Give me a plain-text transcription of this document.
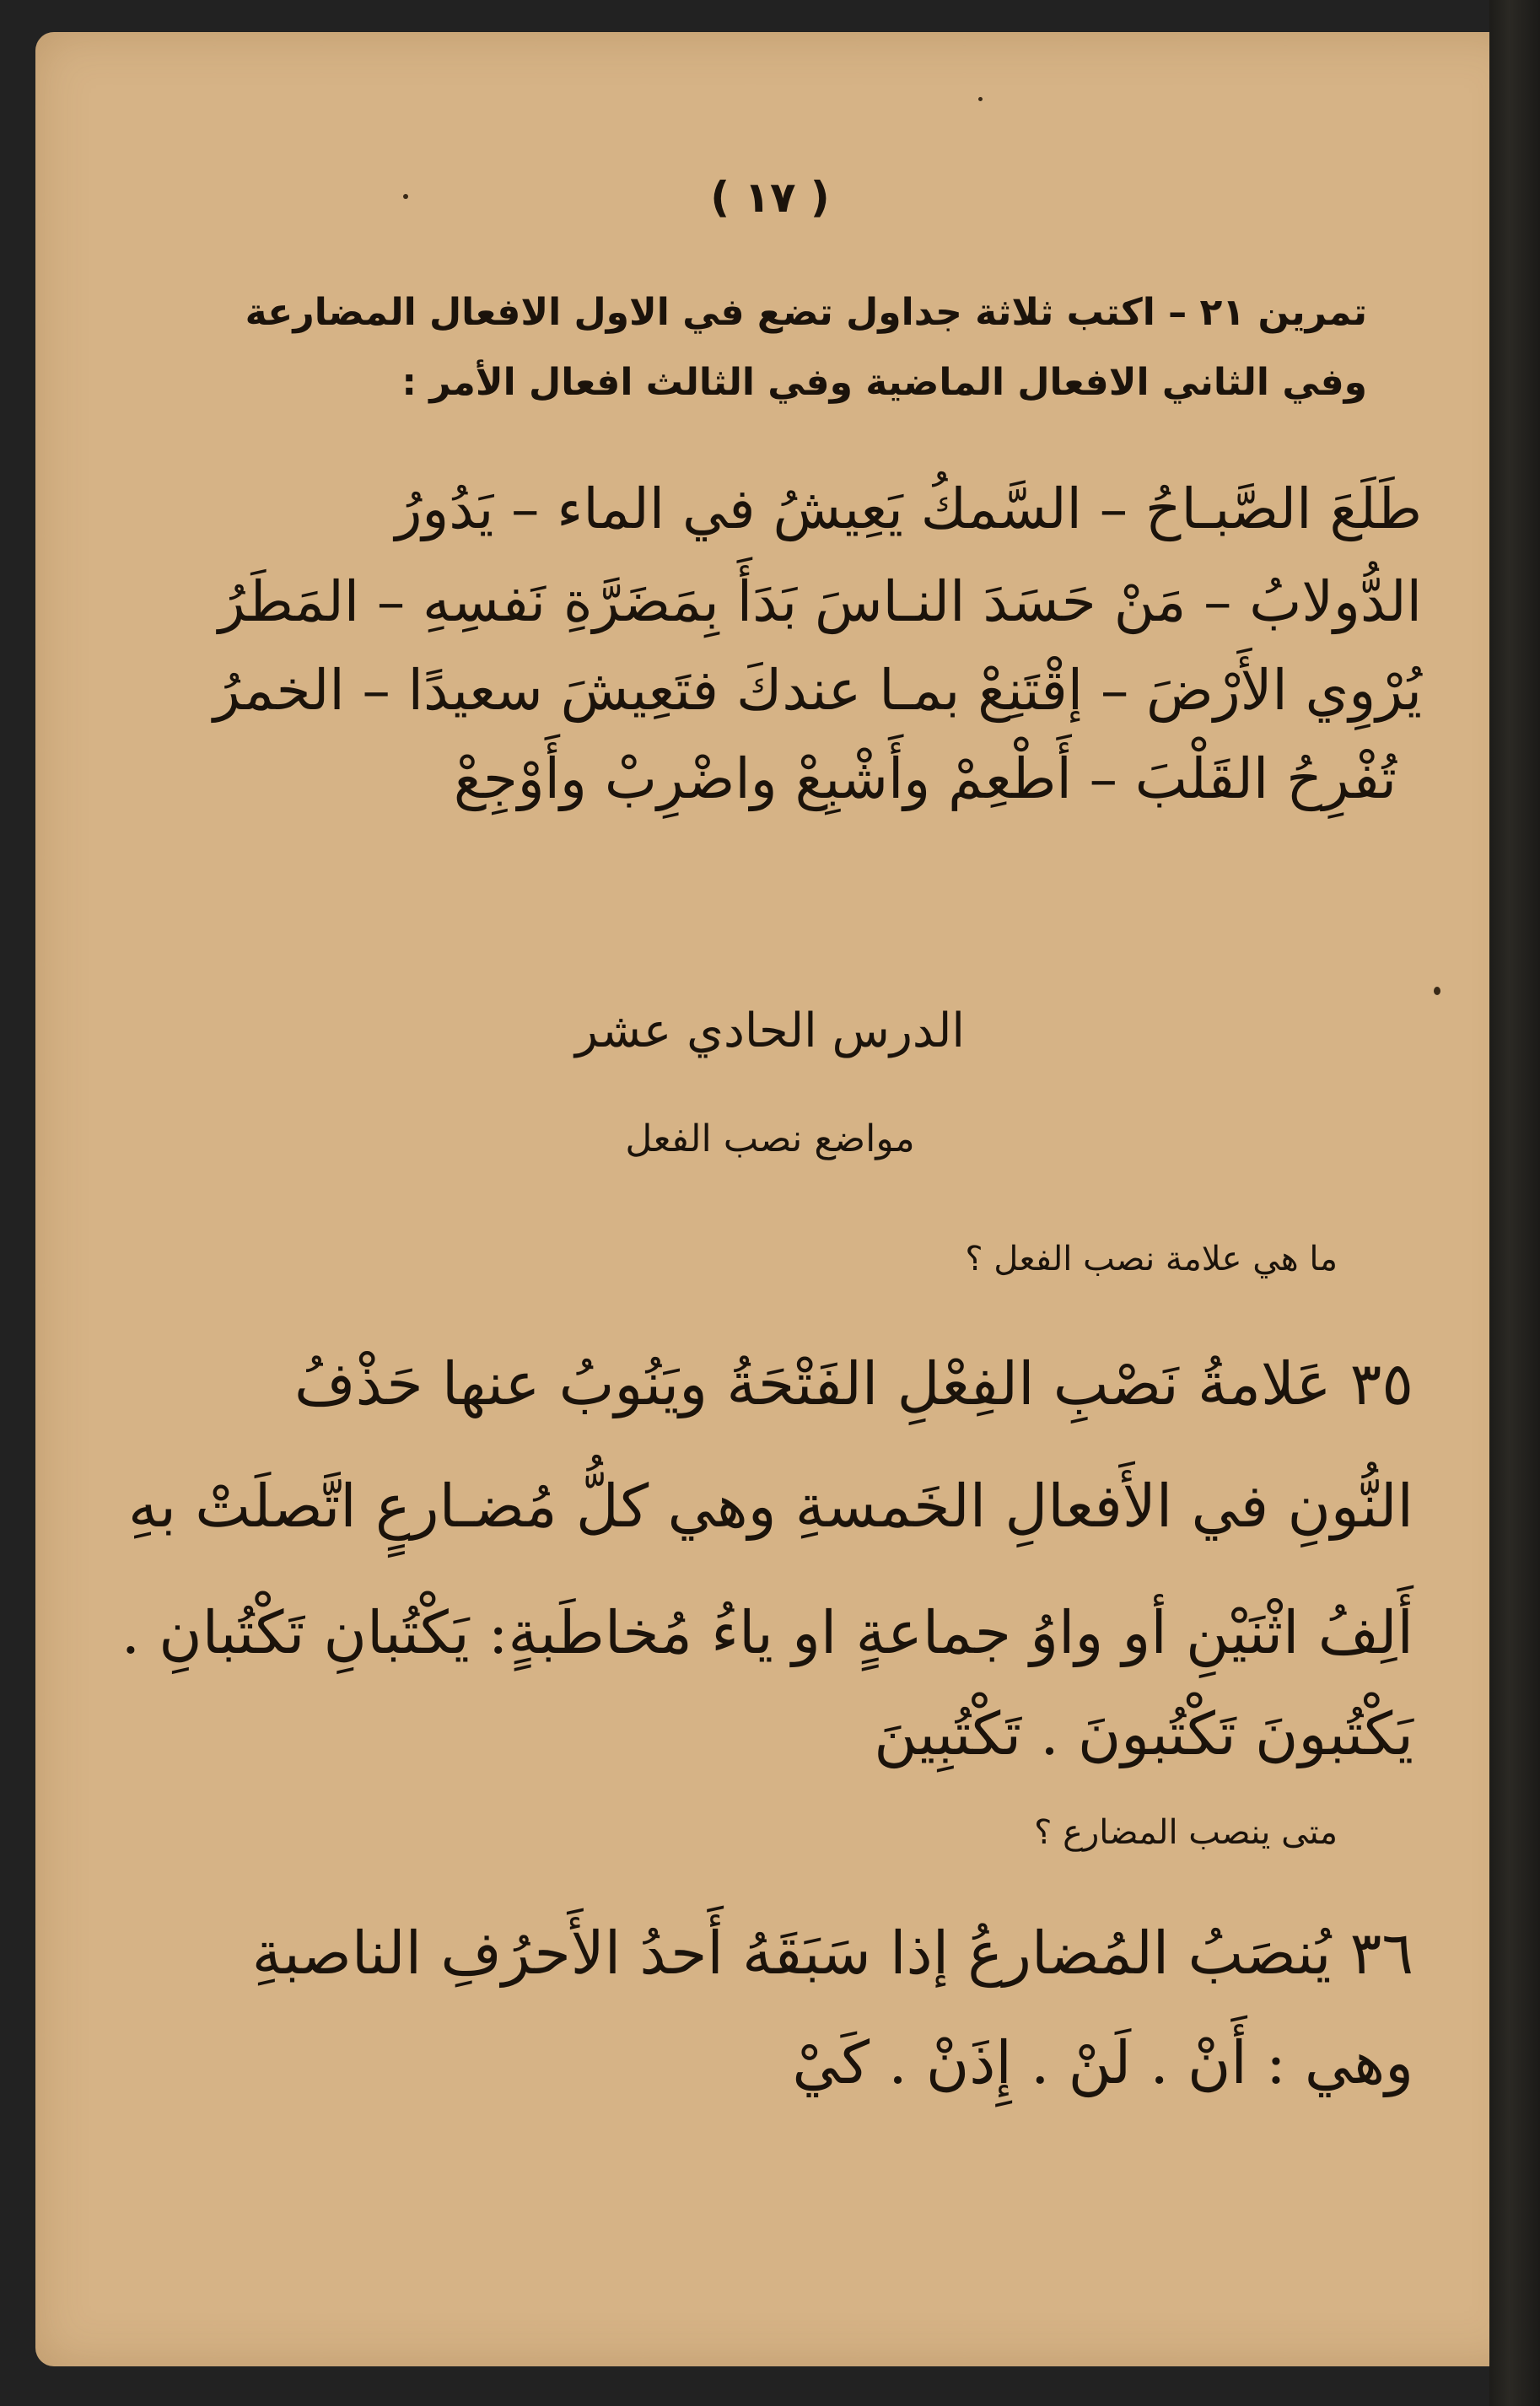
( ١٧ )
تمرين ٢١ – اكتب ثلاثة جداول تضع في الاول الافعال المضارعة
وفي الثاني الافعال الماضية وفي الثالث افعال الأمر :
طَلَعَ الصَّبـاحُ – السَّمكُ يَعِيشُ في الماء – يَدُورُ
الدُّولابُ – مَنْ حَسَدَ النـاسَ بَدَأَ بِمَضَرَّةِ نَفسِهِ – المَطَرُ
يُرْوِي الأَرْضَ – إقْتَنِعْ بمـا عندكَ فتَعِيشَ سعيدًا – الخمرُ
تُفْرِحُ القَلْبَ – أَطْعِمْ وأَشْبِعْ واضْرِبْ وأَوْجِعْ
الدرس الحادي عشر
مواضع نصب الفعل
ما هي علامة نصب الفعل ؟
٣٥ عَلامةُ نَصْبِ الفِعْلِ الفَتْحَةُ ويَنُوبُ عنها حَذْفُ
النُّونِ في الأَفعالِ الخَمسةِ وهي كلُّ مُضـارعٍ اتَّصلَتْ بهِ
أَلِفُ اثْنَيْنِ أو واوُ جماعةٍ او ياءُ مُخاطَبةٍ: يَكْتُبانِ تَكْتُبانِ .
يَكْتُبونَ تَكْتُبونَ . تَكْتُبِينَ
متى ينصب المضارع ؟
٣٦ يُنصَبُ المُضارعُ إذا سَبَقَهُ أَحدُ الأَحرُفِ الناصبةِ
وهي : أَنْ . لَنْ . إِذَنْ . كَيْ
